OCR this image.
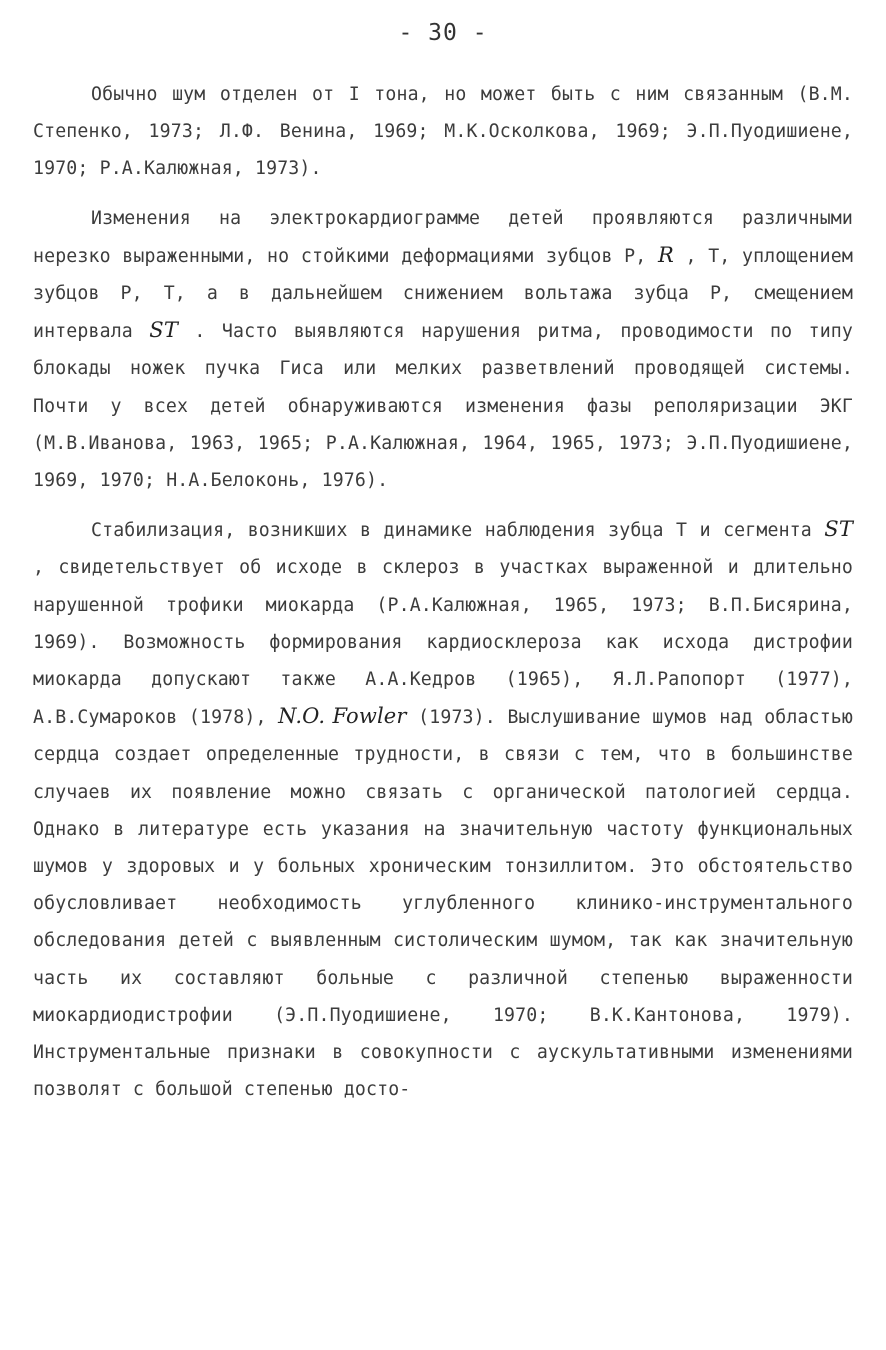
- 30 -

Обычно шум отделен от I тона, но может быть с ним связанным (В.М. Степенко, 1973; Л.Ф. Венина, 1969; М.К.Осколкова, 1969; Э.П.Пуодишиене, 1970; Р.А.Калюжная, 1973).

Изменения на электрокардиограмме детей проявляются различными нерезко выраженными, но стойкими деформациями зубцов Р, R , Т, уплощением зубцов Р, Т, а в дальнейшем снижением вольтажа зубца Р, смещением интервала ST . Часто выявляются нарушения ритма, проводимости по типу блокады ножек пучка Гиса или мелких разветвлений проводящей системы. Почти у всех детей обнаруживаются изменения фазы реполяризации ЭКГ (М.В.Иванова, 1963, 1965; Р.А.Калюжная, 1964, 1965, 1973; Э.П.Пуодишиене, 1969, 1970; Н.А.Белоконь, 1976).

Стабилизация, возникших в динамике наблюдения зубца Т и сегмента ST , свидетельствует об исходе в склероз в участках выраженной и длительно нарушенной трофики миокарда (Р.А.Калюжная, 1965, 1973; В.П.Бисярина, 1969). Возможность формирования кардиосклероза как исхода дистрофии миокарда допускают также А.А.Кедров (1965), Я.Л.Рапопорт (1977), А.В.Сумароков (1978), N.O. Fowler (1973). Выслушивание шумов над областью сердца создает определенные трудности, в связи с тем, что в большинстве случаев их появление можно связать с органической патологией сердца. Однако в литературе есть указания на значительную частоту функциональных шумов у здоровых и у больных хроническим тонзиллитом. Это обстоятельство обусловливает необходимость углубленного клинико-инструментального обследования детей с выявленным систолическим шумом, так как значительную часть их составляют больные с различной степенью выраженности миокардиодистрофии (Э.П.Пуодишиене, 1970; В.К.Кантонова, 1979). Инструментальные признаки в совокупности с аускультативными изменениями позволят с большой степенью досто-
